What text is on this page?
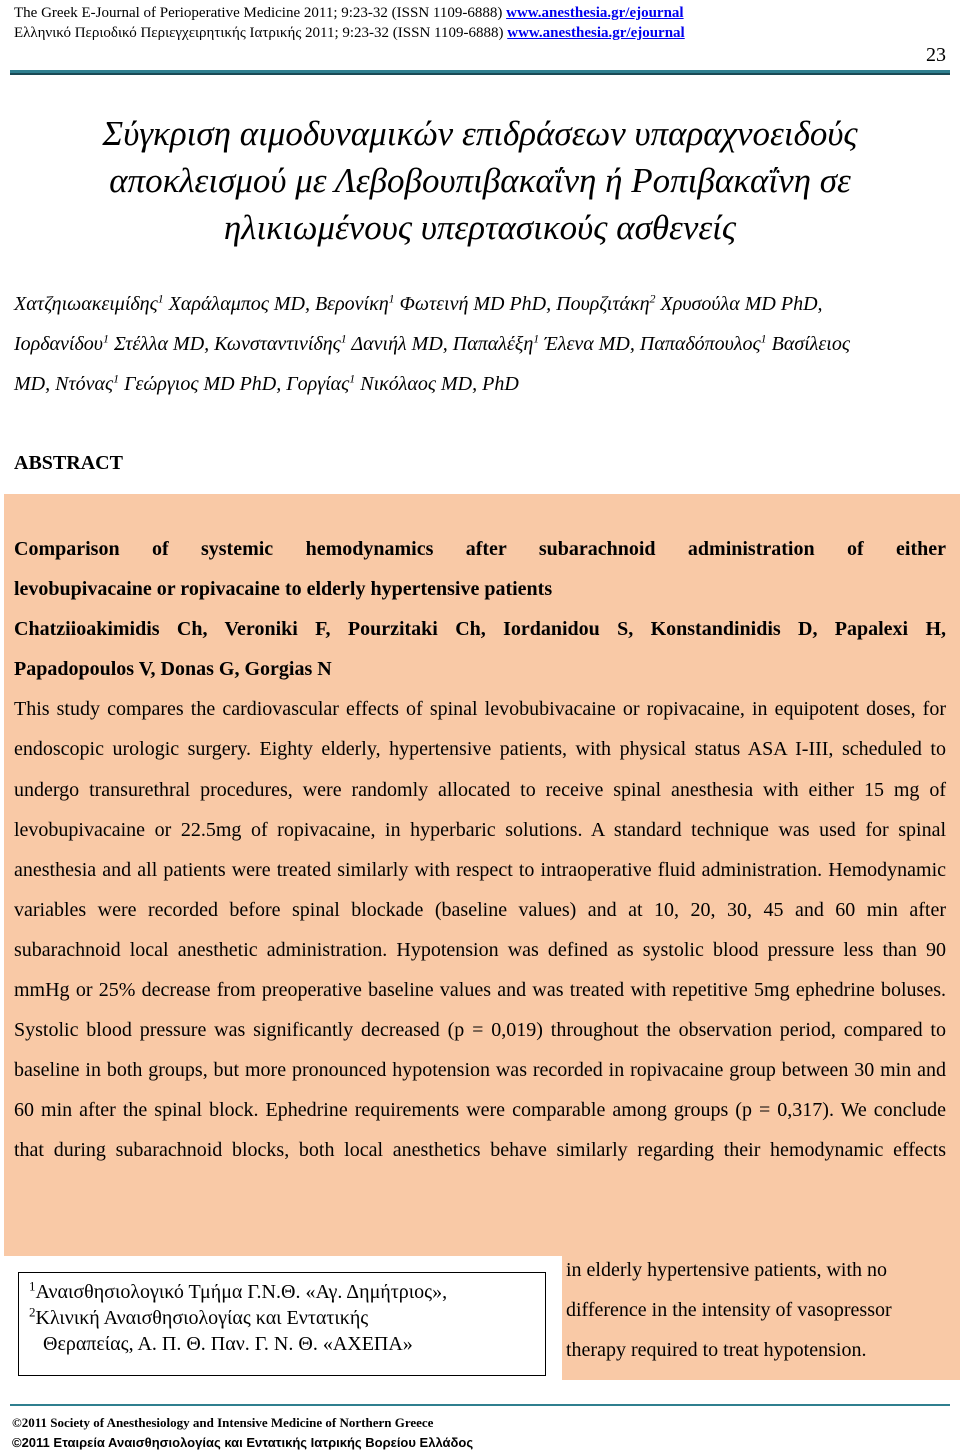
The Greek E-Journal of Perioperative Medicine 2011; 9:23-32 (ISSN 1109-6888) www.anesthesia.gr/ejournal
Ελληνικό Περιοδικό Περιεγχειρητικής Ιατρικής 2011; 9:23-32 (ISSN 1109-6888) www.anesthesia.gr/ejournal
23
Σύγκριση αιμοδυναμικών επιδράσεων υπαραχνοειδούς
αποκλεισμού με Λεβοβουπιβακαΐνη ή Ροπιβακαΐνη σε
ηλικιωμένους υπερτασικούς ασθενείς
Χατζηιωακειμίδης$^1$ Χαράλαμπος MD, Βερονίκη$^1$ Φωτεινή MD PhD, Πουρζιτάκη$^2$ Χρυσούλα MD PhD,
Ιορδανίδου$^1$ Στέλλα MD, Κωνσταντινίδης$^1$ Δανιήλ MD, Παπαλέξη$^1$ Έλενα MD, Παπαδόπουλος$^1$ Βασίλειος
MD, Ντόνας$^1$ Γεώργιος MD PhD, Γοργίας$^1$ Νικόλαος MD, PhD
ABSTRACT
Comparison of systemic hemodynamics after subarachnoid administration of either
levobupivacaine or ropivacaine to elderly hypertensive patients
Chatziioakimidis Ch, Veroniki F, Pourzitaki Ch, Iordanidou S, Konstandinidis D, Papalexi H,
Papadopoulos V, Donas G, Gorgias N
This study compares the cardiovascular effects of spinal levobubivacaine or ropivacaine, in equipotent doses, for endoscopic urologic surgery. Eighty elderly, hypertensive patients, with physical status ASA I-III, scheduled to undergo transurethral procedures, were randomly allocated to receive spinal anesthesia with either 15 mg of levobupivacaine or 22.5mg of ropivacaine, in hyperbaric solutions. A standard technique was used for spinal anesthesia and all patients were treated similarly with respect to intraoperative fluid administration. Hemodynamic variables were recorded before spinal blockade (baseline values) and at 10, 20, 30, 45 and 60 min after subarachnoid local anesthetic administration. Hypotension was defined as systolic blood pressure less than 90 mmHg or 25% decrease from preoperative baseline values and was treated with repetitive 5mg ephedrine boluses. Systolic blood pressure was significantly decreased (p = 0,019) throughout the observation period, compared to baseline in both groups, but more pronounced hypotension was recorded in ropivacaine group between 30 min and 60 min after the spinal block. Ephedrine requirements were comparable among groups (p = 0,317). We conclude that during subarachnoid blocks, both local anesthetics behave similarly regarding their hemodynamic effects
in elderly hypertensive patients, with no
difference in the intensity of vasopressor
therapy required to treat hypotension.
$^1$Αναισθησιολογικό Τμήμα Γ.Ν.Θ. «Αγ. Δημήτριος»,
$^2$Κλινική Αναισθησιολογίας και Εντατικής
Θεραπείας, Α. Π. Θ. Παν. Γ. Ν. Θ. «ΑΧΕΠΑ»
©2011 Society of Anesthesiology and Intensive Medicine of Northern Greece
©2011 Εταιρεία Αναισθησιολογίας και Εντατικής Ιατρικής Βορείου Ελλάδος
